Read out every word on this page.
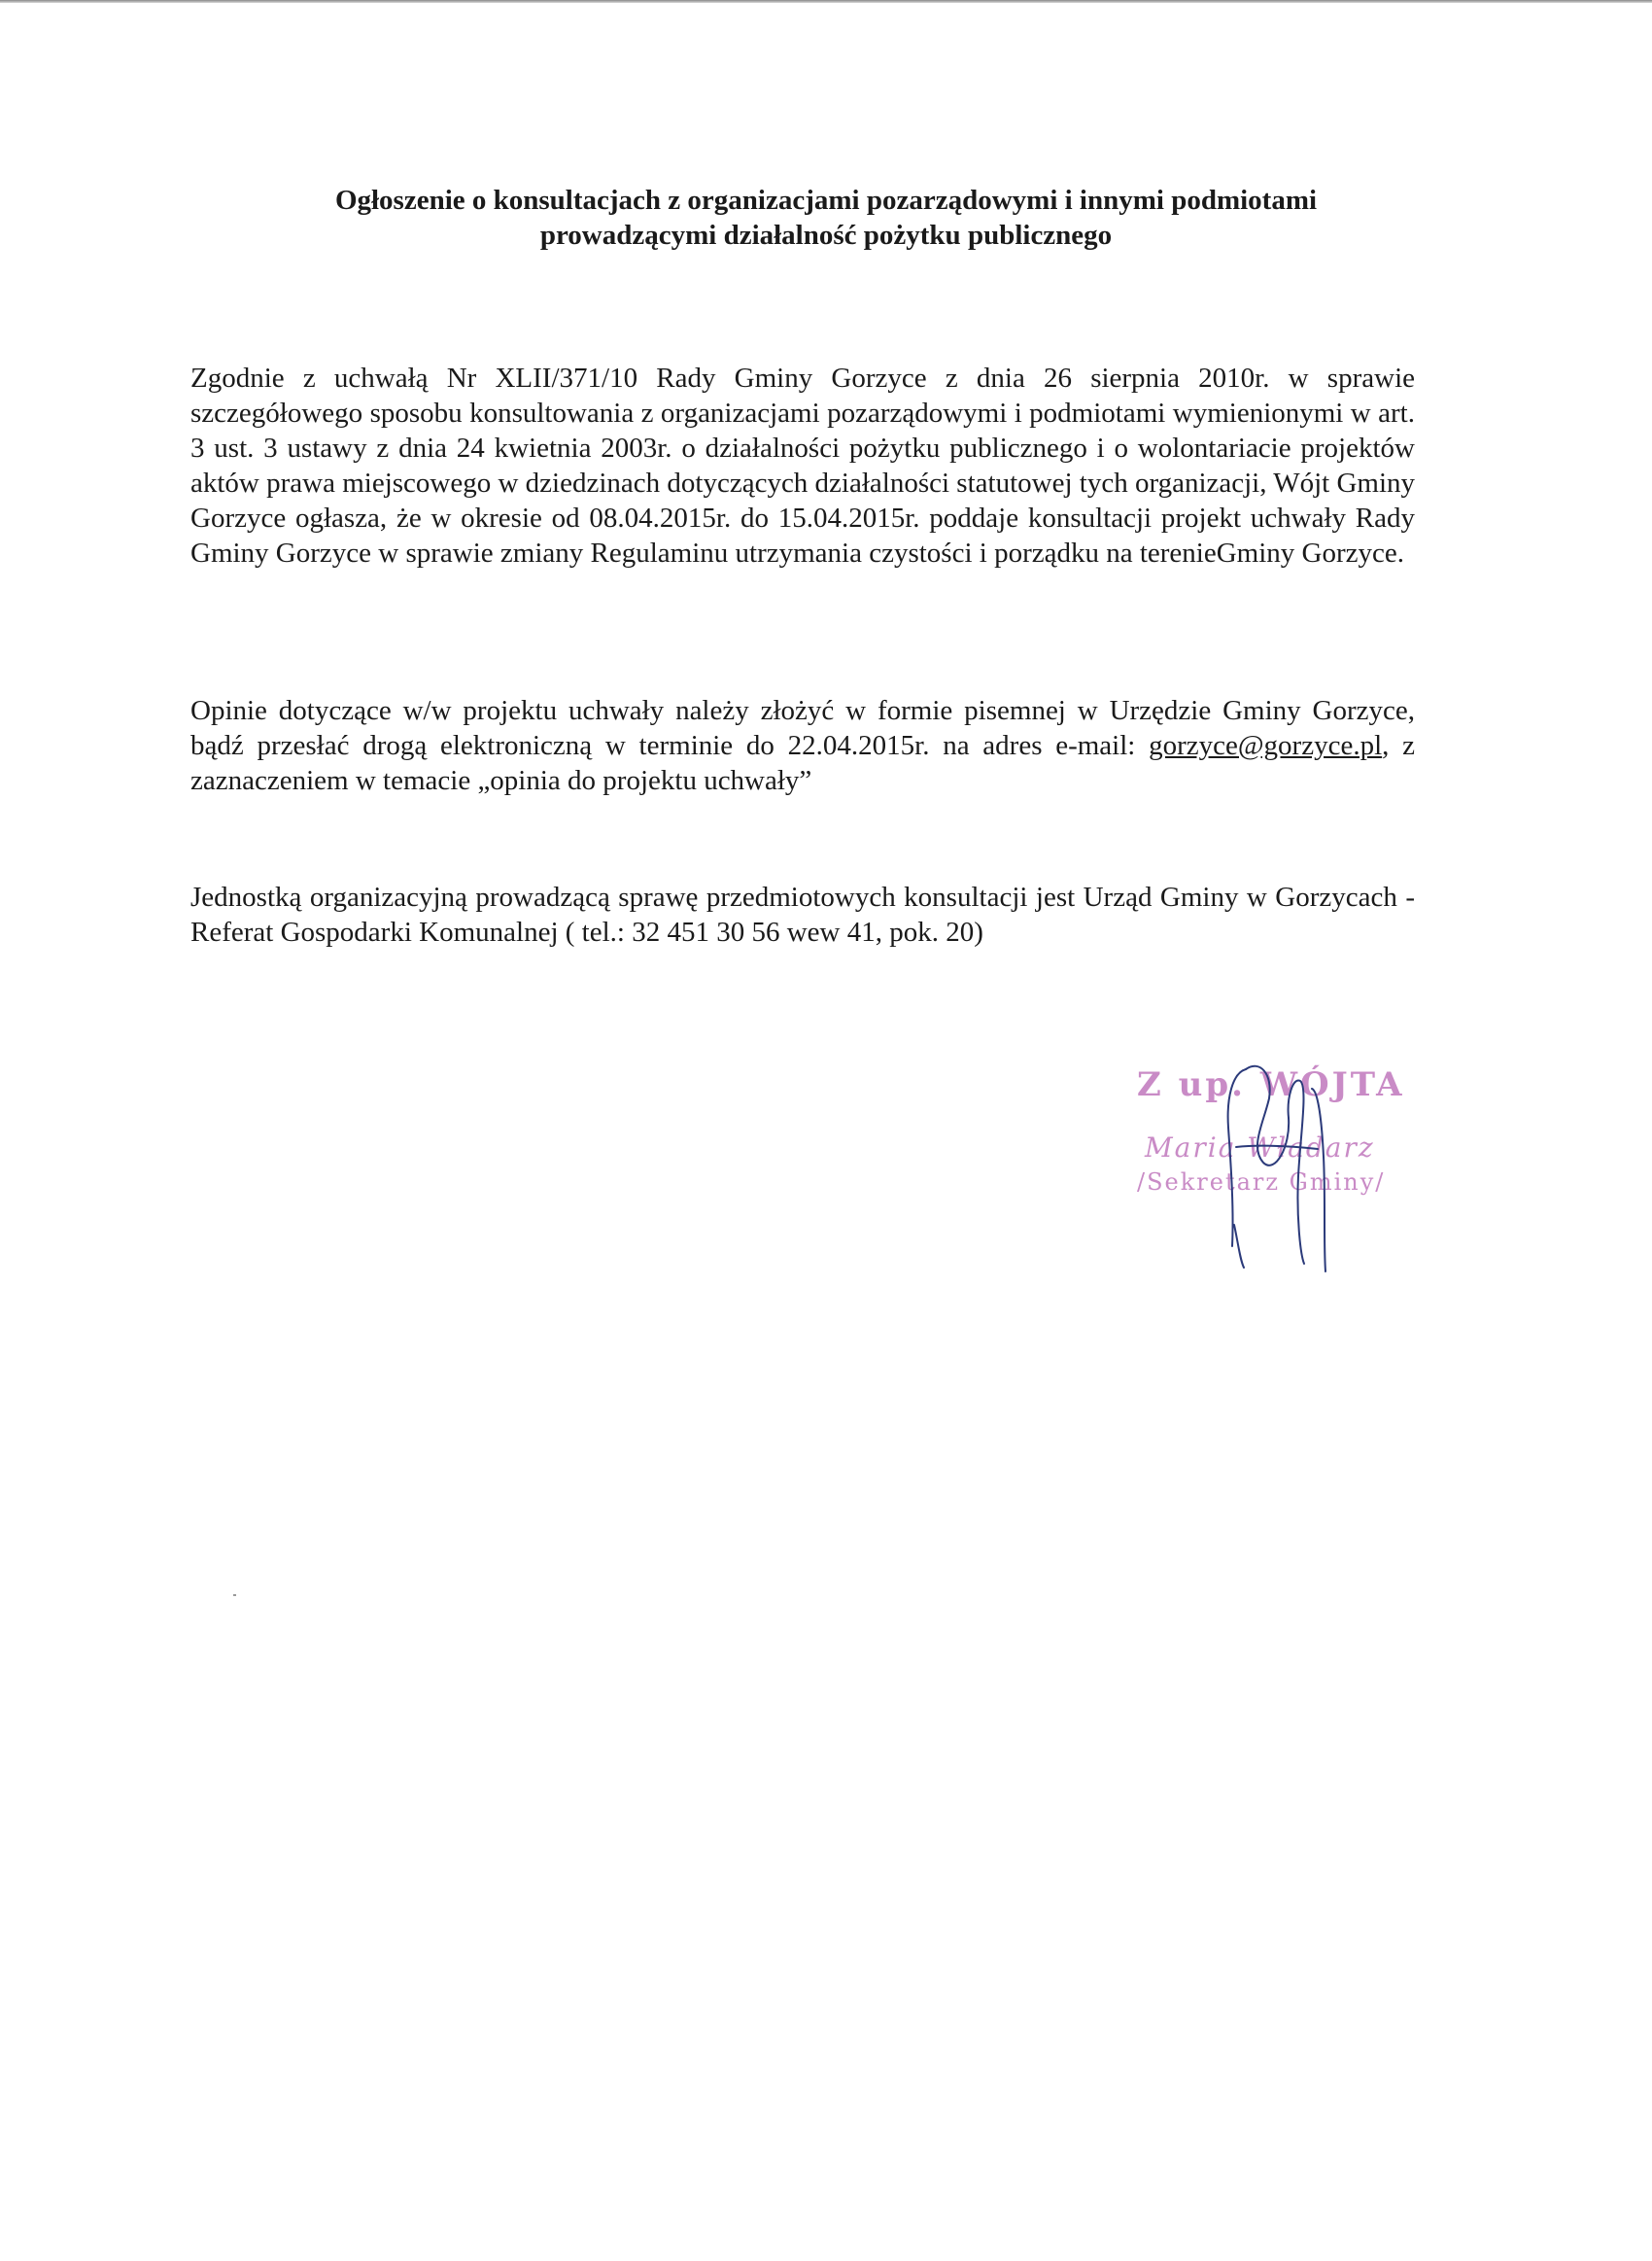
Ogłoszenie o konsultacjach z organizacjami pozarządowymi i innymi podmiotami
prowadzącymi działalność pożytku publicznego

Zgodnie z uchwałą Nr XLII/371/10 Rady Gminy Gorzyce z dnia 26 sierpnia 2010r. w sprawie szczegółowego sposobu konsultowania z organizacjami pozarządowymi i podmiotami wymienionymi w art. 3 ust. 3 ustawy z dnia 24 kwietnia 2003r. o działalności pożytku publicznego i o wolontariacie projektów aktów prawa miejscowego w dziedzinach dotyczących działalności statutowej tych organizacji, Wójt Gminy Gorzyce ogłasza, że w okresie od 08.04.2015r. do 15.04.2015r. poddaje konsultacji projekt uchwały Rady Gminy Gorzyce w sprawie zmiany Regulaminu utrzymania czystości i porządku na terenieGminy Gorzyce.

Opinie dotyczące w/w projektu uchwały należy złożyć w formie pisemnej w Urzędzie Gminy Gorzyce, bądź przesłać drogą elektroniczną w terminie do 22.04.2015r. na adres e-mail: gorzyce@gorzyce.pl, z zaznaczeniem w temacie „opinia do projektu uchwały”

Jednostką organizacyjną prowadzącą sprawę przedmiotowych konsultacji jest Urząd Gminy w Gorzycach - Referat Gospodarki Komunalnej ( tel.: 32 451 30 56 wew 41, pok. 20)

Z up. WÓJTA
Maria Władarz
/Sekretarz Gminy/
